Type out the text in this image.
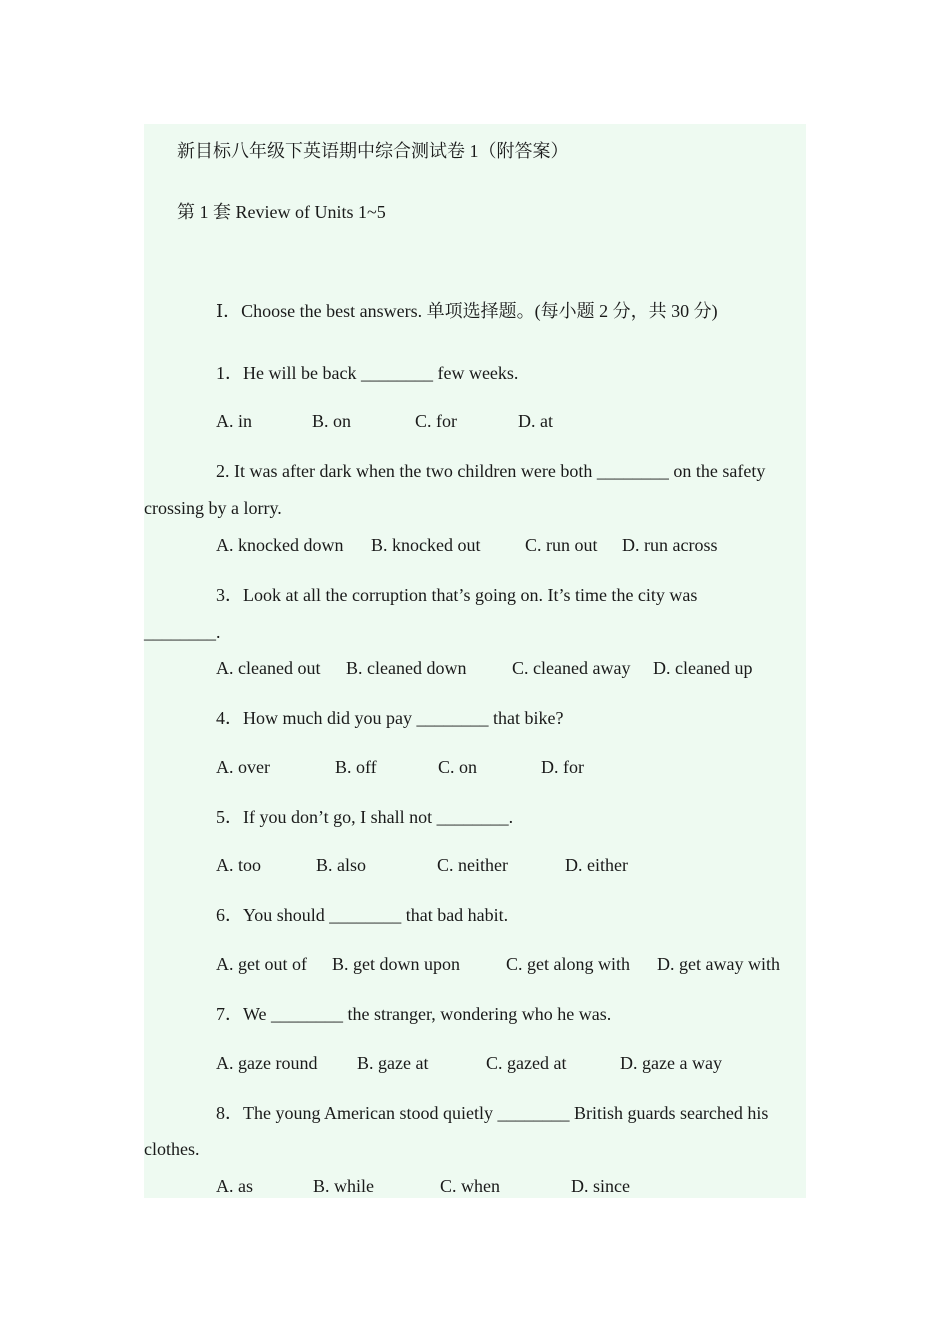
新目标八年级下英语期中综合测试卷 1（附答案）
第 1 套 Review of Units 1~5
Ⅰ．Choose the best answers. 单项选择题。(每小题 2 分，共 30 分)
1．He will be back ________ few weeks.
A. in	B. on	C. for	D. at
2. It was after dark when the two children were both ________ on the safety
crossing by a lorry.
A. knocked down B. knocked out C. run out D. run across
3．Look at all the corruption that’s going on. It’s time the city was
________.
A. cleaned out B. cleaned down	C. cleaned away D. cleaned up
4．How much did you pay ________ that bike?
A. over	B. off	C. on	D. for
5．If you don’t go, I shall not ________.
A. too	B. also	C. neither	D. either
6．You should ________ that bad habit.
A. get out of B. get down upon	C. get along with D. get away with
7．We ________ the stranger, wondering who he was.
A. gaze round B. gaze at	C. gazed at	D. gaze a way
8．The young American stood quietly ________ British guards searched his
clothes.
A. as	B. while	C. when	D. since
